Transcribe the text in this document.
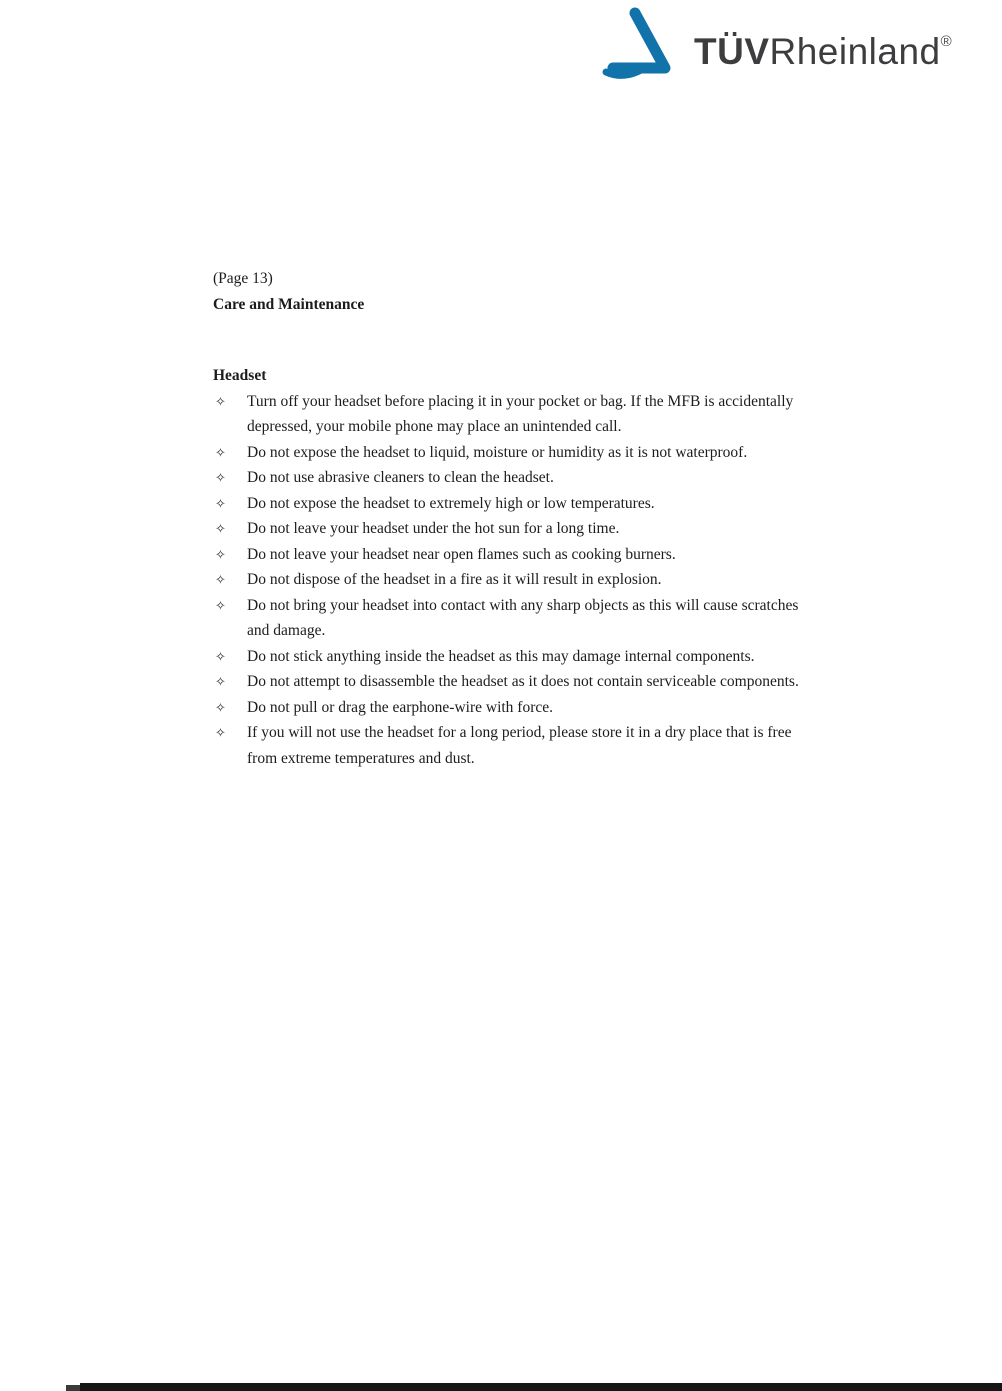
TÜVRheinland®
(Page 13)
Care and Maintenance
Headset
✧	Turn off your headset before placing it in your pocket or bag. If the MFB is accidentally depressed, your mobile phone may place an unintended call.
✧	Do not expose the headset to liquid, moisture or humidity as it is not waterproof.
✧	Do not use abrasive cleaners to clean the headset.
✧	Do not expose the headset to extremely high or low temperatures.
✧	Do not leave your headset under the hot sun for a long time.
✧	Do not leave your headset near open flames such as cooking burners.
✧	Do not dispose of the headset in a fire as it will result in explosion.
✧	Do not bring your headset into contact with any sharp objects as this will cause scratches and damage.
✧	Do not stick anything inside the headset as this may damage internal components.
✧	Do not attempt to disassemble the headset as it does not contain serviceable components.
✧	Do not pull or drag the earphone-wire with force.
✧	If you will not use the headset for a long period, please store it in a dry place that is free from extreme temperatures and dust.
